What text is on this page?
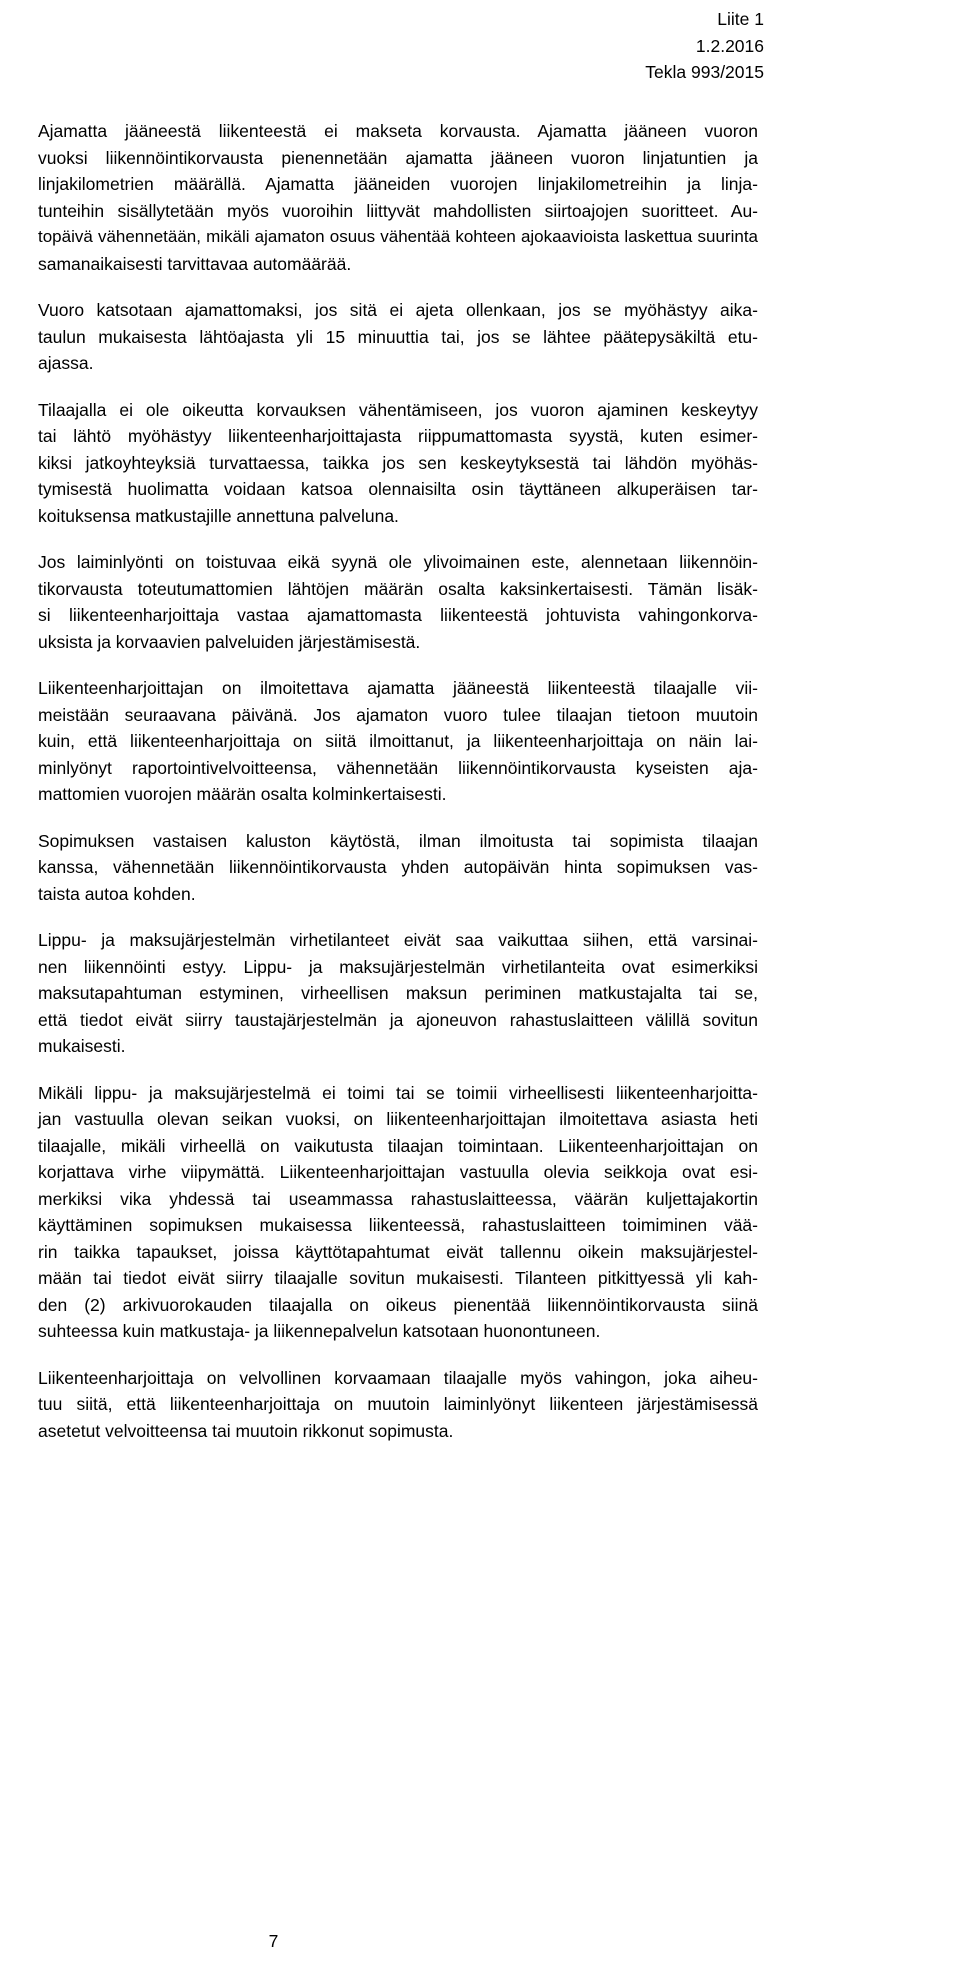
Liite 1
1.2.2016
Tekla 993/2015

Ajamatta jääneestä liikenteestä ei makseta korvausta. Ajamatta jääneen vuoron
vuoksi liikennöintikorvausta pienennetään ajamatta jääneen vuoron linjatuntien ja
linjakilometrien määrällä. Ajamatta jääneiden vuorojen linjakilometreihin ja linja-
tunteihin sisällytetään myös vuoroihin liittyvät mahdollisten siirtoajojen suoritteet. Au-
topäivä vähennetään, mikäli ajamaton osuus vähentää kohteen ajokaavioista laskettua suurinta
samanaikaisesti tarvittavaa automäärää.

Vuoro katsotaan ajamattomaksi, jos sitä ei ajeta ollenkaan, jos se myöhästyy aika-
taulun mukaisesta lähtöajasta yli 15 minuuttia tai, jos se lähtee päätepysäkiltä etu-
ajassa.

Tilaajalla ei ole oikeutta korvauksen vähentämiseen, jos vuoron ajaminen keskeytyy
tai lähtö myöhästyy liikenteenharjoittajasta riippumattomasta syystä, kuten esimer-
kiksi jatkoyhteyksiä turvattaessa, taikka jos sen keskeytyksestä tai lähdön myöhäs-
tymisestä huolimatta voidaan katsoa olennaisilta osin täyttäneen alkuperäisen tar-
koituksensa matkustajille annettuna palveluna.

Jos laiminlyönti on toistuvaa eikä syynä ole ylivoimainen este, alennetaan liikennöin-
tikorvausta toteutumattomien lähtöjen määrän osalta kaksinkertaisesti. Tämän lisäk-
si liikenteenharjoittaja vastaa ajamattomasta liikenteestä johtuvista vahingonkorva-
uksista ja korvaavien palveluiden järjestämisestä.

Liikenteenharjoittajan on ilmoitettava ajamatta jääneestä liikenteestä tilaajalle vii-
meistään seuraavana päivänä. Jos ajamaton vuoro tulee tilaajan tietoon muutoin
kuin, että liikenteenharjoittaja on siitä ilmoittanut, ja liikenteenharjoittaja on näin lai-
minlyönyt raportointivelvoitteensa, vähennetään liikennöintikorvausta kyseisten aja-
mattomien vuorojen määrän osalta kolminkertaisesti.

Sopimuksen vastaisen kaluston käytöstä, ilman ilmoitusta tai sopimista tilaajan
kanssa, vähennetään liikennöintikorvausta yhden autopäivän hinta sopimuksen vas-
taista autoa kohden.

Lippu- ja maksujärjestelmän virhetilanteet eivät saa vaikuttaa siihen, että varsinai-
nen liikennöinti estyy. Lippu- ja maksujärjestelmän virhetilanteita ovat esimerkiksi
maksutapahtuman estyminen, virheellisen maksun periminen matkustajalta tai se,
että tiedot eivät siirry taustajärjestelmän ja ajoneuvon rahastuslaitteen välillä sovitun
mukaisesti.

Mikäli lippu- ja maksujärjestelmä ei toimi tai se toimii virheellisesti liikenteenharjoitta-
jan vastuulla olevan seikan vuoksi, on liikenteenharjoittajan ilmoitettava asiasta heti
tilaajalle, mikäli virheellä on vaikutusta tilaajan toimintaan. Liikenteenharjoittajan on
korjattava virhe viipymättä. Liikenteenharjoittajan vastuulla olevia seikkoja ovat esi-
merkiksi vika yhdessä tai useammassa rahastuslaitteessa, väärän kuljettajakortin
käyttäminen sopimuksen mukaisessa liikenteessä, rahastuslaitteen toimiminen vää-
rin taikka tapaukset, joissa käyttötapahtumat eivät tallennu oikein maksujärjestel-
mään tai tiedot eivät siirry tilaajalle sovitun mukaisesti. Tilanteen pitkittyessä yli kah-
den (2) arkivuorokauden tilaajalla on oikeus pienentää liikennöintikorvausta siinä
suhteessa kuin matkustaja- ja liikennepalvelun katsotaan huonontuneen.

Liikenteenharjoittaja on velvollinen korvaamaan tilaajalle myös vahingon, joka aiheu-
tuu siitä, että liikenteenharjoittaja on muutoin laiminlyönyt liikenteen järjestämisessä
asetetut velvoitteensa tai muutoin rikkonut sopimusta.

7
